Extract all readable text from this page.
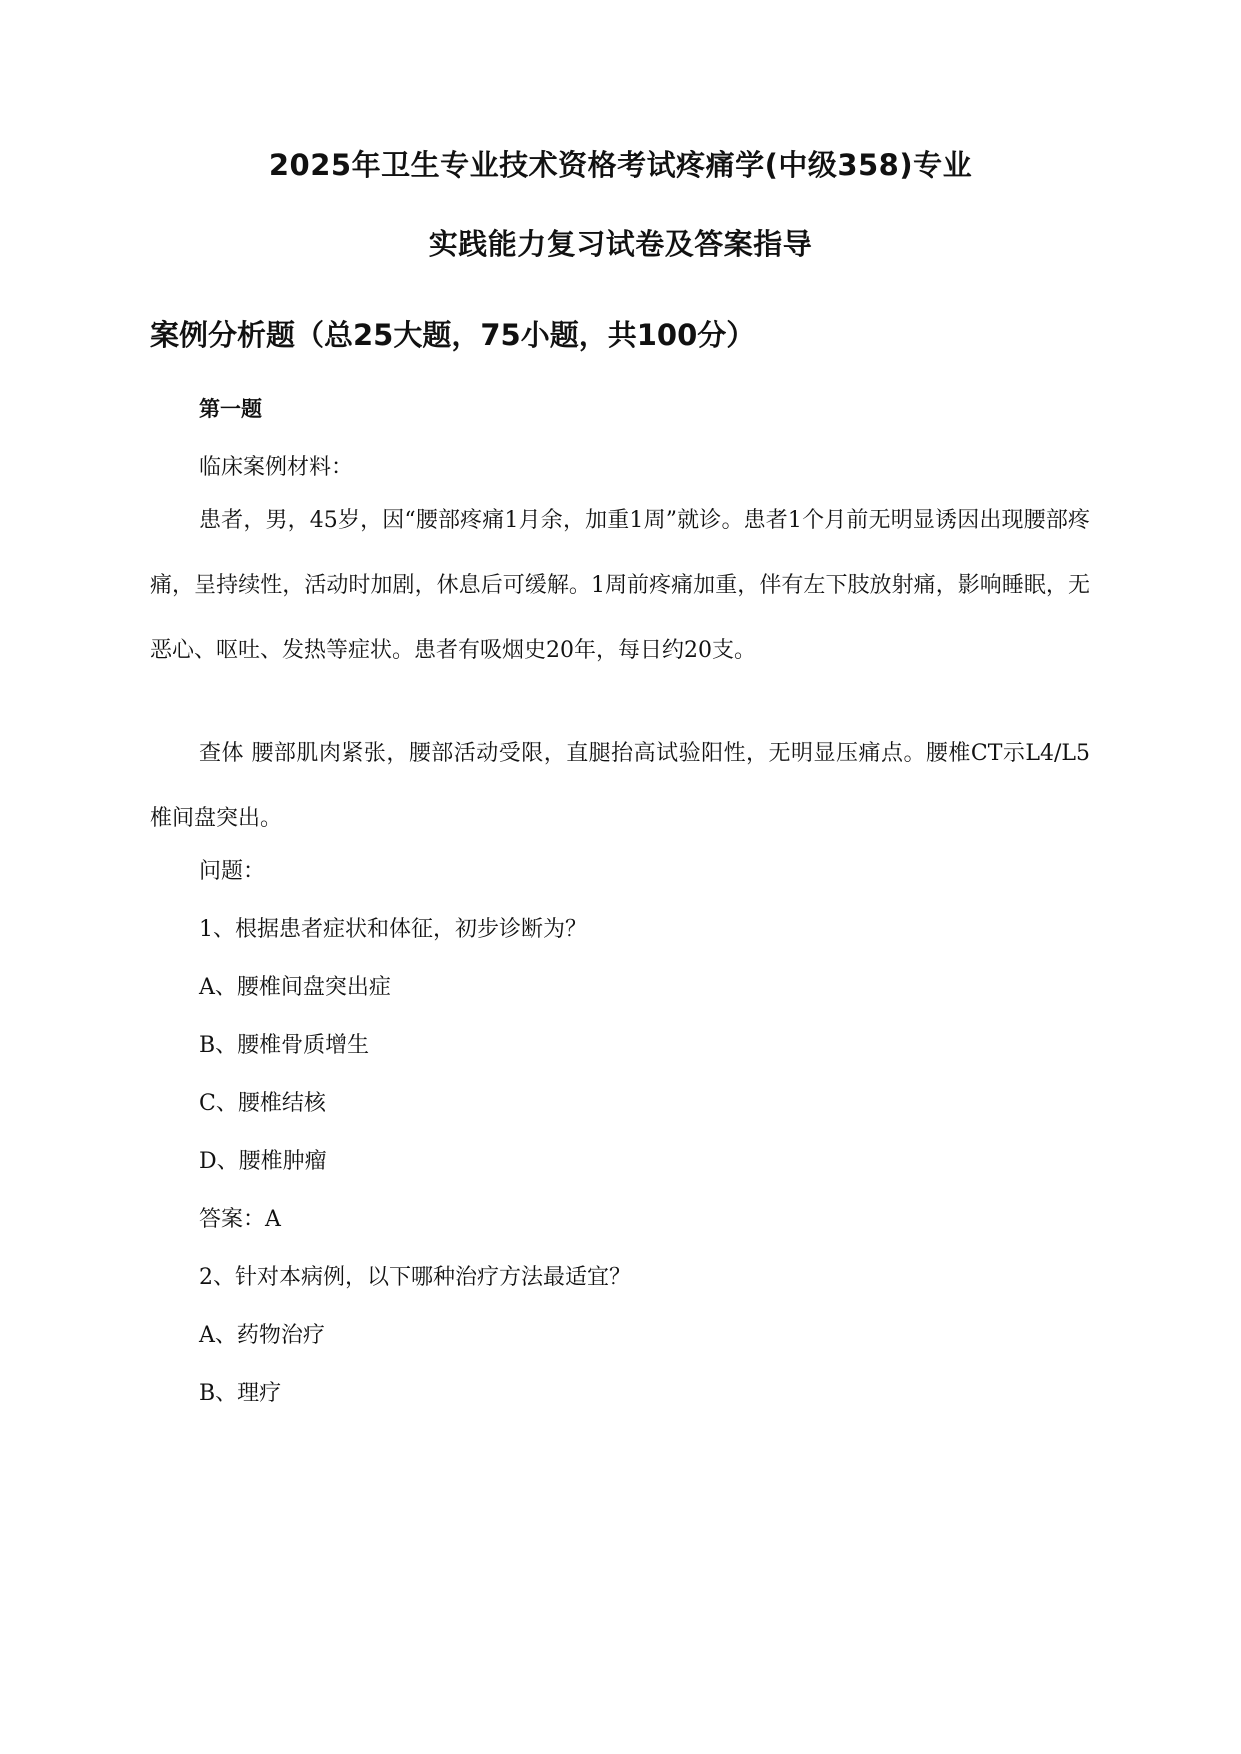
2025年卫生专业技术资格考试疼痛学(中级358)专业
实践能力复习试卷及答案指导
案例分析题（总25大题，75小题，共100分）
第一题
临床案例材料：
患者，男，45岁，因“腰部疼痛1月余，加重1周”就诊。患者1个月前无明显诱因出现腰部疼痛，呈持续性，活动时加剧，休息后可缓解。1周前疼痛加重，伴有左下肢放射痛，影响睡眠，无恶心、呕吐、发热等症状。患者有吸烟史20年，每日约20支。
查体 腰部肌肉紧张，腰部活动受限，直腿抬高试验阳性，无明显压痛点。腰椎CT示L4/L5椎间盘突出。
问题：
1、根据患者症状和体征，初步诊断为？
A、腰椎间盘突出症
B、腰椎骨质增生
C、腰椎结核
D、腰椎肿瘤
答案：A
2、针对本病例，以下哪种治疗方法最适宜？
A、药物治疗
B、理疗
